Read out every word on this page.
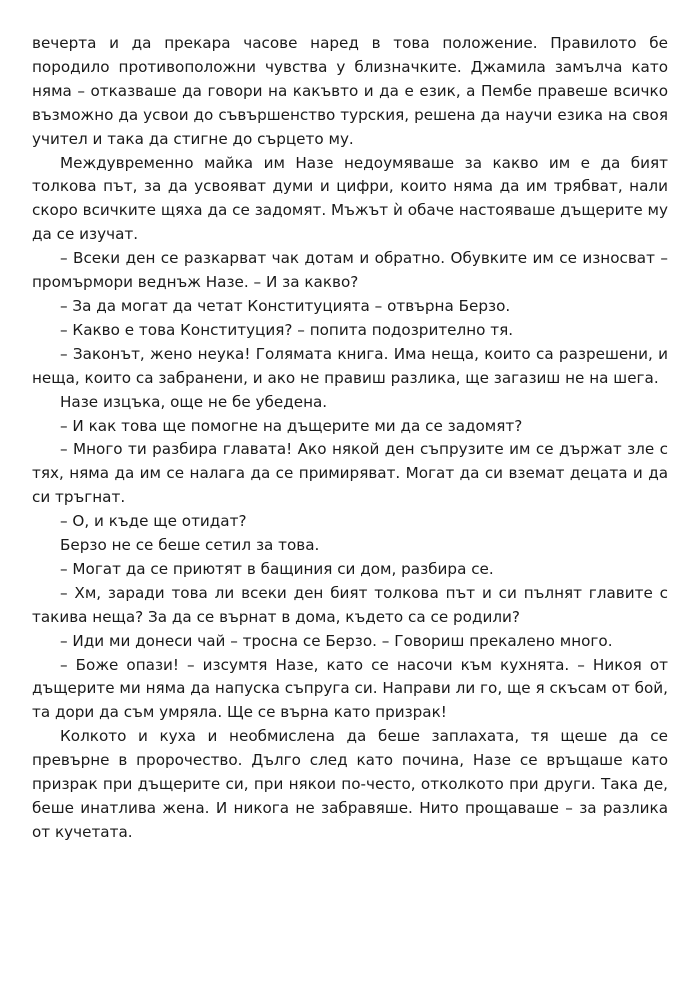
вечерта и да прекара часове наред в това положение. Правилото бе породило противоположни чувства у близначките. Джамила замълча като няма – отказваше да говори на какъвто и да е език, а Пембе правеше всичко възможно да усвои до съвършенство турския, решена да научи езика на своя учител и така да стигне до сърцето му.

Междувременно майка им Назе недоумяваше за какво им е да бият толкова път, за да усвояват думи и цифри, които няма да им трябват, нали скоро всичките щяха да се задомят. Мъжът ѝ обаче настояваше дъщерите му да се изучат.

– Всеки ден се разкарват чак дотам и обратно. Обувките им се износват – промърмори веднъж Назе. – И за какво?

– За да могат да четат Конституцията – отвърна Берзо.

– Какво е това Конституция? – попита подозрително тя.

– Законът, жено неука! Голямата книга. Има неща, които са разрешени, и неща, които са забранени, и ако не правиш разлика, ще загазиш не на шега.

Назе изцъка, още не бе убедена.

– И как това ще помогне на дъщерите ми да се задомят?

– Много ти разбира главата! Ако някой ден съпрузите им се държат зле с тях, няма да им се налага да се примиряват. Могат да си вземат децата и да си тръгнат.

– О, и къде ще отидат?

Берзо не се беше сетил за това.

– Могат да се приютят в бащиния си дом, разбира се.

– Хм, заради това ли всеки ден бият толкова път и си пълнят главите с такива неща? За да се върнат в дома, където са се родили?

– Иди ми донеси чай – тросна се Берзо. – Говориш прекалено много.

– Боже опази! – изсумтя Назе, като се насочи към кухнята. – Никоя от дъщерите ми няма да напуска съпруга си. Направи ли го, ще я скъсам от бой, та дори да съм умряла. Ще се върна като призрак!

Колкото и куха и необмислена да беше заплахата, тя щеше да се превърне в пророчество. Дълго след като почина, Назе се връщаше като призрак при дъщерите си, при някои по-често, отколкото при други. Така де, беше инатлива жена. И никога не забравяше. Нито прощаваше – за разлика от кучетата.
